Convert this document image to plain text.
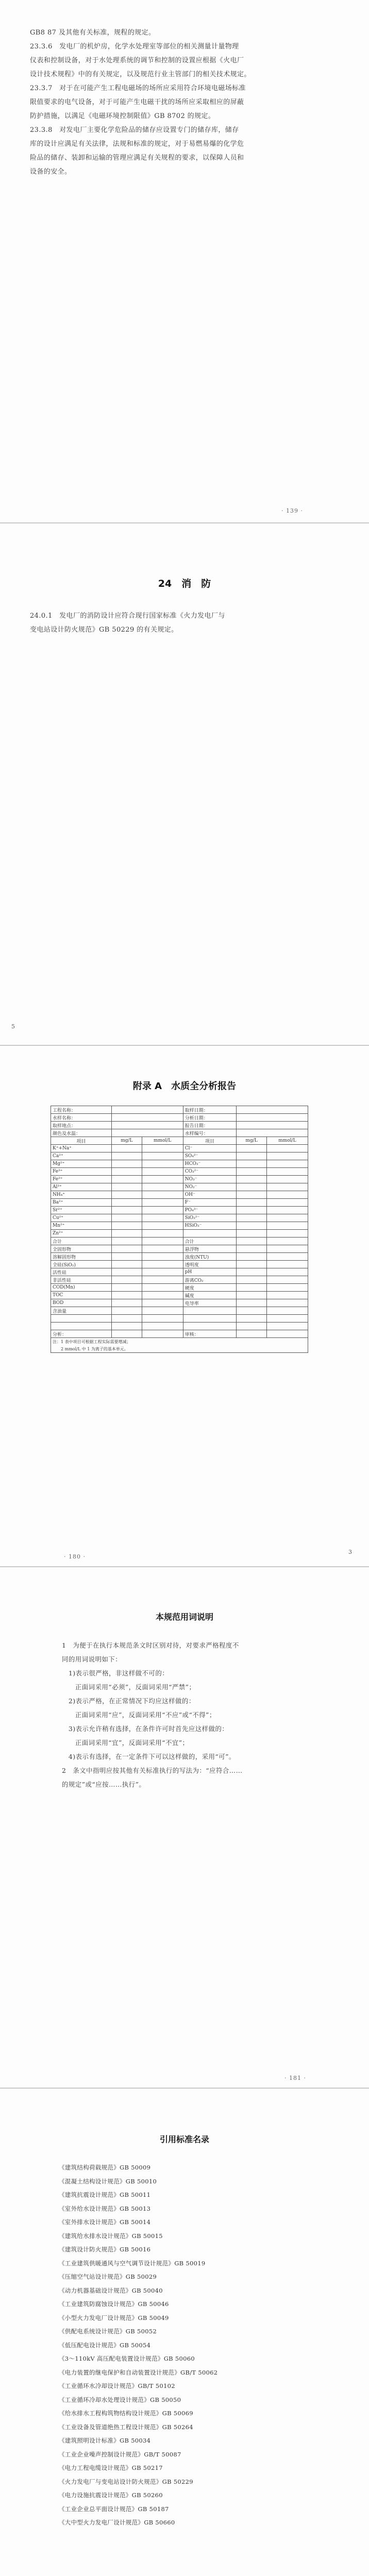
GB8 87 及其他有关标准，规程的规定。
23.3.6　发电厂的机炉房，化学水处理室等部位的相关测量计量物理
仪表和控制设备，对于水处理系统的调节和控制的设置应根据《火电厂
设计技术规程》中的有关规定，以及规范行业主管部门的相关技术规定。
23.3.7　对于在可能产生工程电磁场的场所应采用符合环境电磁场标准
限值要求的电气设备，对于可能产生电磁干扰的场所应采取相应的屏蔽
防护措施，以满足《电磁环境控制限值》GB 8702 的规定。
23.3.8　对发电厂主要化学危险品的储存应设置专门的储存库，储存
库的设计应满足有关法律，法规和标准的规定，对于易燃易爆的化学危
险品的储存、装卸和运输的管理应满足有关规程的要求，以保障人员和
设备的安全。
· 139 ·
24　消　防
24.0.1　发电厂的消防设计应符合现行国家标准《火力发电厂与
变电站设计防火规范》GB 50229 的有关规定。
5
附录 A　水质全分析报告
工程名称：			取样日期：		
水样名称：			分析日期：		
取样地点：			报告日期：		
颜色及水温：			水样编号：		
项目	mg/L	mmol/L	项目	mg/L	mmol/L
K⁺+Na⁺			Cl⁻		
Ca²⁺			SO₄²⁻		
Mg²⁺			HCO₃⁻		
Fe³⁺			CO₃²⁻		
Fe²⁺			NO₃⁻		
Al³⁺			NO₂⁻		
NH₄⁺			OH⁻		
Ba²⁺			F⁻		
Sr²⁺			PO₄³⁻		
Cu²⁺			SiO₃²⁻		
Mn²⁺			HSiO₃⁻		
Zn²⁺					
合计			合计		
全固形物			悬浮物		
溶解固形物			浊度(NTU)		
全硅(SiO₂)			透明度		
活性硅			pH		
非活性硅			游离CO₂		
COD(Mn)			硬度		
TOC			碱度		
BOD			电导率		
含油量					

分析：			审核：		
注：1 表中项目可根据工程实际需要增减；					
　　2 mmol/L 中 1 为离子的基本单元。					
· 180 ·
3
本规范用词说明
1　为便于在执行本规范条文时区别对待，对要求严格程度不
同的用词说明如下：
　1)表示很严格，非这样做不可的：
　　正面词采用“必须”，反面词采用“严禁”；
　2)表示严格，在正常情况下均应这样做的：
　　正面词采用“应”，反面词采用“不应”或“不得”；
　3)表示允许稍有选择，在条件许可时首先应这样做的：
　　正面词采用“宜”，反面词采用“不宜”；
　4)表示有选择，在一定条件下可以这样做的，采用“可”。
2　条文中指明应按其他有关标准执行的写法为：“应符合……
的规定”或“应按……执行”。
· 181 ·
引用标准名录
《建筑结构荷载规范》GB 50009
《混凝土结构设计规范》GB 50010
《建筑抗震设计规范》GB 50011
《室外给水设计规范》GB 50013
《室外排水设计规范》GB 50014
《建筑给水排水设计规范》GB 50015
《建筑设计防火规范》GB 50016
《工业建筑供暖通风与空气调节设计规范》GB 50019
《压缩空气站设计规范》GB 50029
《动力机器基础设计规范》GB 50040
《工业建筑防腐蚀设计规范》GB 50046
《小型火力发电厂设计规范》GB 50049
《供配电系统设计规范》GB 50052
《低压配电设计规范》GB 50054
《3～110kV 高压配电装置设计规范》GB 50060
《电力装置的继电保护和自动装置设计规范》GB/T 50062
《工业循环水冷却设计规范》GB/T 50102
《工业循环冷却水处理设计规范》GB 50050
《给水排水工程构筑物结构设计规范》GB 50069
《工业设备及管道绝热工程设计规范》GB 50264
《建筑照明设计标准》GB 50034
《工业企业噪声控制设计规范》GB/T 50087
《电力工程电缆设计规范》GB 50217
《火力发电厂与变电站设计防火规范》GB 50229
《电力设施抗震设计规范》GB 50260
《工业企业总平面设计规范》GB 50187
《大中型火力发电厂设计规范》GB 50660
